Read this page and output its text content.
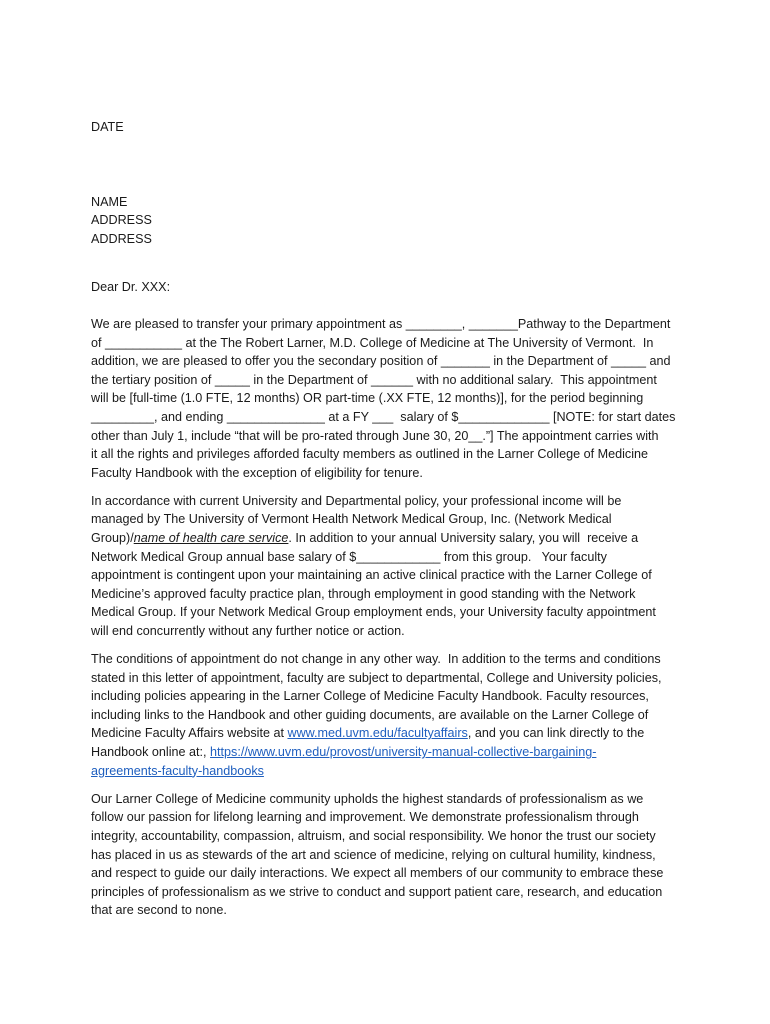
DATE
NAME
ADDRESS
ADDRESS
Dear Dr. XXX:
We are pleased to transfer your primary appointment as ________, _______Pathway to the Department
of ___________ at the The Robert Larner, M.D. College of Medicine at The University of Vermont.  In
addition, we are pleased to offer you the secondary position of _______ in the Department of _____ and
the tertiary position of _____ in the Department of ______ with no additional salary.  This appointment
will be [full-time (1.0 FTE, 12 months) OR part-time (.XX FTE, 12 months)], for the period beginning
_________, and ending ______________ at a FY ___  salary of $_____________ [NOTE: for start dates
other than July 1, include “that will be pro-rated through June 30, 20__.”] The appointment carries with
it all the rights and privileges afforded faculty members as outlined in the Larner College of Medicine
Faculty Handbook with the exception of eligibility for tenure.
In accordance with current University and Departmental policy, your professional income will be
managed by The University of Vermont Health Network Medical Group, Inc. (Network Medical
Group)/name of health care service. In addition to your annual University salary, you will  receive a
Network Medical Group annual base salary of $____________ from this group.   Your faculty
appointment is contingent upon your maintaining an active clinical practice with the Larner College of
Medicine’s approved faculty practice plan, through employment in good standing with the Network
Medical Group. If your Network Medical Group employment ends, your University faculty appointment
will end concurrently without any further notice or action.
The conditions of appointment do not change in any other way.  In addition to the terms and conditions
stated in this letter of appointment, faculty are subject to departmental, College and University policies,
including policies appearing in the Larner College of Medicine Faculty Handbook. Faculty resources,
including links to the Handbook and other guiding documents, are available on the Larner College of
Medicine Faculty Affairs website at www.med.uvm.edu/facultyaffairs, and you can link directly to the
Handbook online at:, https://www.uvm.edu/provost/university-manual-collective-bargaining-
agreements-faculty-handbooks
Our Larner College of Medicine community upholds the highest standards of professionalism as we
follow our passion for lifelong learning and improvement. We demonstrate professionalism through
integrity, accountability, compassion, altruism, and social responsibility. We honor the trust our society
has placed in us as stewards of the art and science of medicine, relying on cultural humility, kindness,
and respect to guide our daily interactions. We expect all members of our community to embrace these
principles of professionalism as we strive to conduct and support patient care, research, and education
that are second to none.
